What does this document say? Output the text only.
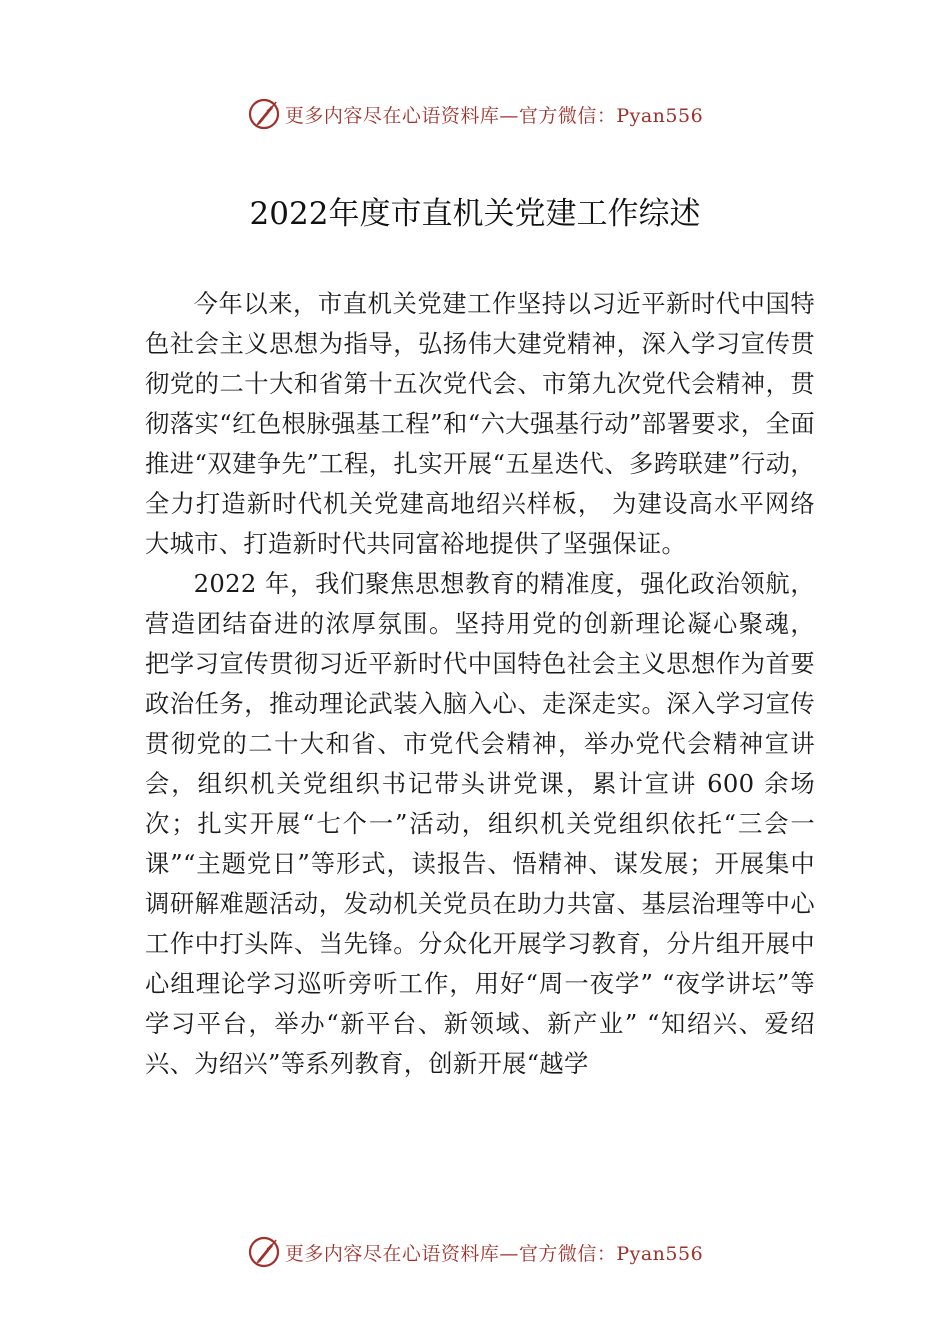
更多内容尽在心语资料库—官方微信：Pyan556
2022年度市直机关党建工作综述

今年以来，市直机关党建工作坚持以习近平新时代中国特色社会主义思想为指导，弘扬伟大建党精神，深入学习宣传贯彻党的二十大和省第十五次党代会、市第九次党代会精神，贯彻落实“红色根脉强基工程”和“六大强基行动”部署要求，全面推进“双建争先”工程，扎实开展“五星迭代、多跨联建”行动，全力打造新时代机关党建高地绍兴样板， 为建设高水平网络大城市、打造新时代共同富裕地提供了坚强保证。

2022 年，我们聚焦思想教育的精准度，强化政治领航，营造团结奋进的浓厚氛围。坚持用党的创新理论凝心聚魂， 把学习宣传贯彻习近平新时代中国特色社会主义思想作为首要政治任务，推动理论武装入脑入心、走深走实。深入学习宣传贯彻党的二十大和省、市党代会精神，举办党代会精神宣讲会，组织机关党组织书记带头讲党课，累计宣讲 600 余场次；扎实开展“七个一”活动，组织机关党组织依托“三会一课”“主题党日”等形式，读报告、悟精神、谋发展；开展集中调研解难题活动，发动机关党员在助力共富、基层治理等中心工作中打头阵、当先锋。分众化开展学习教育，分片组开展中心组理论学习巡听旁听工作，用好“周一夜学” “夜学讲坛”等学习平台，举办“新平台、新领域、新产业” “知绍兴、爱绍兴、为绍兴”等系列教育，创新开展“越学

更多内容尽在心语资料库—官方微信：Pyan556
